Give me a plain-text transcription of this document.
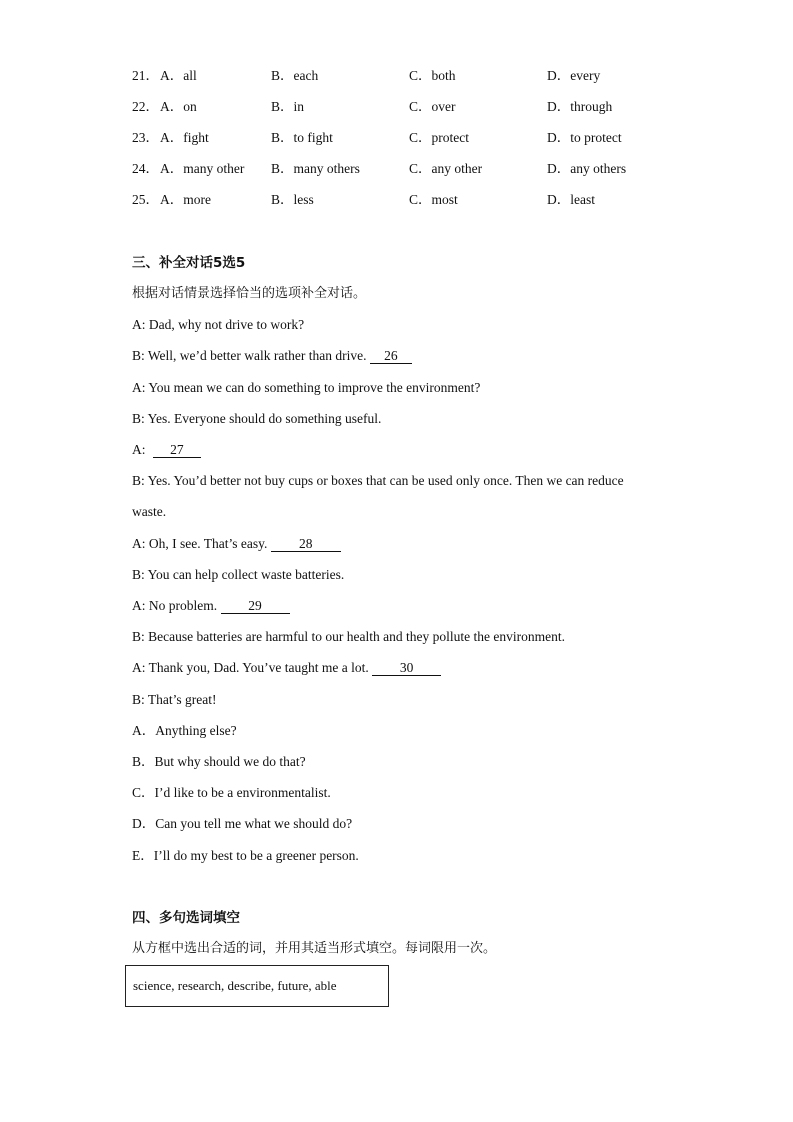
21． A．all	B．each	C．both	D．every
22． A．on	B．in	C．over	D．through
23． A．fight	B．to fight	C．protect	D．to protect
24． A．many other B．many others	C．any other	D．any others
25． A．more	B．less	C．most	D．least
三、补全对话5选5
根据对话情景选择恰当的选项补全对话。
A: Dad, why not drive to work?
B: Well, we’d better walk rather than drive. 26
A: You mean we can do something to improve the environment?
B: Yes. Everyone should do something useful.
A: 27
B: Yes. You’d better not buy cups or boxes that can be used only once. Then we can reduce
waste.
A: Oh, I see. That’s easy. 28
B: You can help collect waste batteries.
A: No problem. 29
B: Because batteries are harmful to our health and they pollute the environment.
A: Thank you, Dad. You’ve taught me a lot. 30
B: That’s great!
A．Anything else?
B．But why should we do that?
C．I’d like to be a environmentalist.
D．Can you tell me what we should do?
E．I’ll do my best to be a greener person.
四、多句选词填空
从方框中选出合适的词，并用其适当形式填空。每词限用一次。
science, research, describe, future, able
